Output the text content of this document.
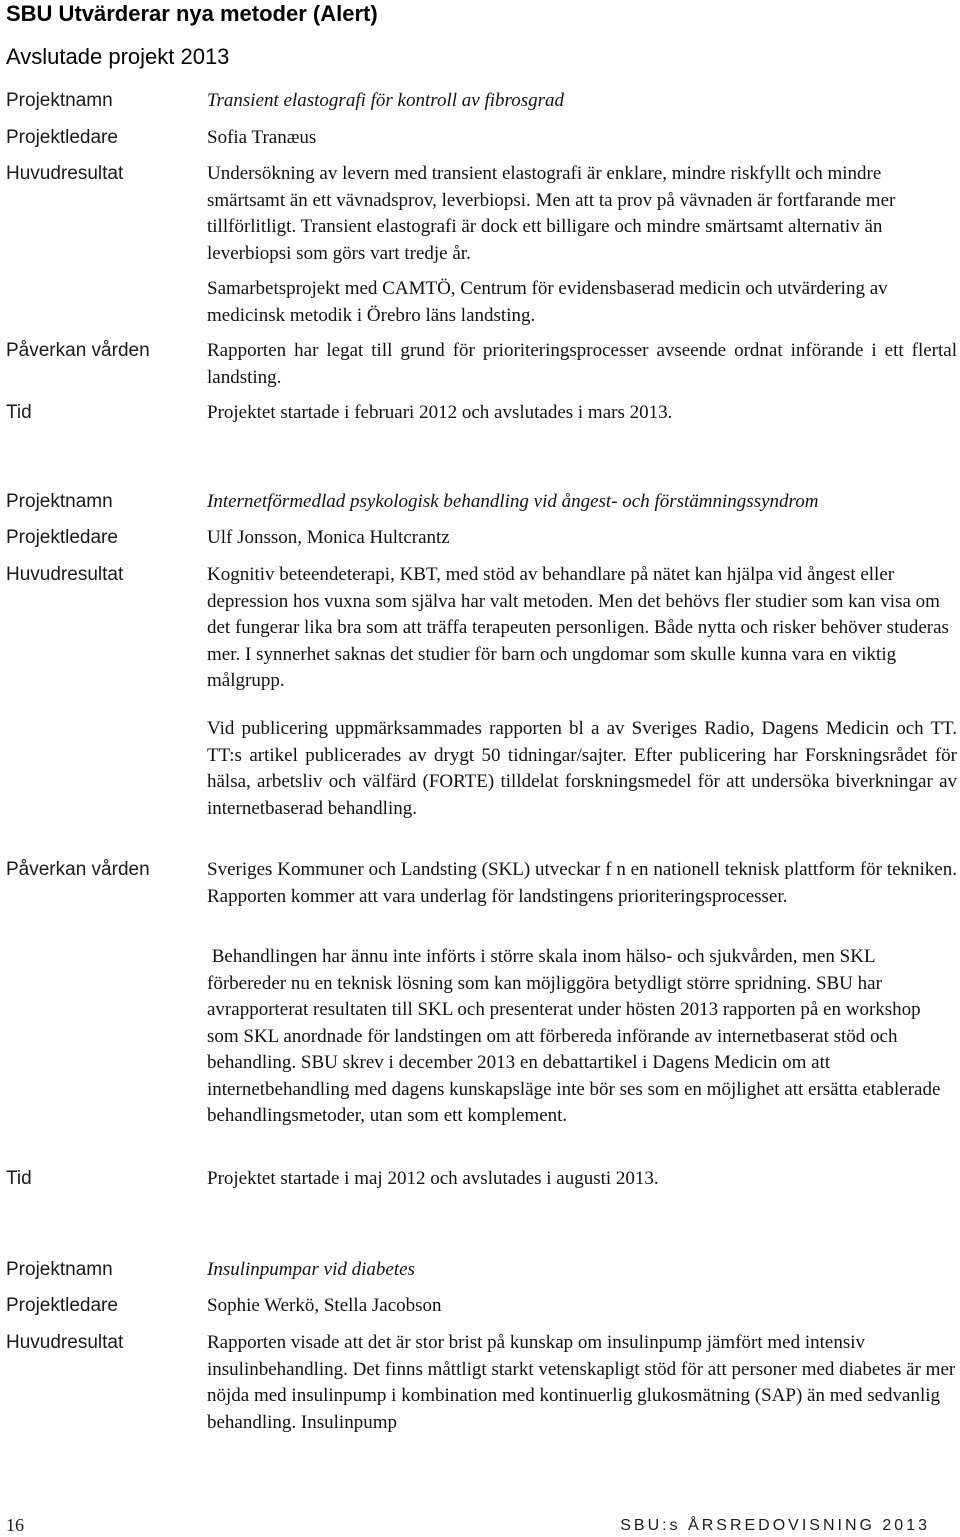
SBU Utvärderar nya metoder (Alert)
Avslutade projekt 2013
Projektnamn	Transient elastografi för kontroll av fibrosgrad
Projektledare	Sofia Tranæus
Huvudresultat	Undersökning av levern med transient elastografi är enklare, mindre riskfyllt och mindre smärtsamt än ett vävnadsprov, leverbiopsi. Men att ta prov på vävnaden är fortfarande mer tillförlitligt. Transient elastografi är dock ett billigare och mindre smärtsamt alternativ än leverbiopsi som görs vart tredje år.
Samarbetsprojekt med CAMTÖ, Centrum för evidensbaserad medicin och utvärdering av medicinsk metodik i Örebro läns landsting.
Påverkan vården	Rapporten har legat till grund för prioriteringsprocesser avseende ordnat införande i ett flertal landsting.
Tid	Projektet startade i februari 2012 och avslutades i mars 2013.
Projektnamn	Internetförmedlad psykologisk behandling vid ångest- och förstämningssyndrom
Projektledare	Ulf Jonsson, Monica Hultcrantz
Huvudresultat	Kognitiv beteendeterapi, KBT, med stöd av behandlare på nätet kan hjälpa vid ångest eller depression hos vuxna som själva har valt metoden. Men det behövs fler studier som kan visa om det fungerar lika bra som att träffa terapeuten personligen. Både nytta och risker behöver studeras mer. I synnerhet saknas det studier för barn och ungdomar som skulle kunna vara en viktig målgrupp.
Vid publicering uppmärksammades rapporten bl a av Sveriges Radio, Dagens Medicin och TT. TT:s artikel publicerades av drygt 50 tidningar/sajter. Efter publicering har Forskningsrådet för hälsa, arbetsliv och välfärd (FORTE) tilldelat forskningsmedel för att undersöka biverkningar av internetbaserad behandling.
Påverkan vården	Sveriges Kommuner och Landsting (SKL) utveckar f n en nationell teknisk plattform för tekniken. Rapporten kommer att vara underlag för landstingens prioriteringsprocesser.
Behandlingen har ännu inte införts i större skala inom hälso- och sjukvården, men SKL förbereder nu en teknisk lösning som kan möjliggöra betydligt större spridning. SBU har avrapporterat resultaten till SKL och presenterat under hösten 2013 rapporten på en workshop som SKL anordnade för landstingen om att förbereda införande av internetbaserat stöd och behandling. SBU skrev i december 2013 en debattartikel i Dagens Medicin om att internetbehandling med dagens kunskapsläge inte bör ses som en möjlighet att ersätta etablerade behandlingsmetoder, utan som ett komplement.
Tid	Projektet startade i maj 2012 och avslutades i augusti 2013.
Projektnamn	Insulinpumpar vid diabetes
Projektledare	Sophie Werkö, Stella Jacobson
Huvudresultat	Rapporten visade att det är stor brist på kunskap om insulinpump jämfört med intensiv insulinbehandling. Det finns måttligt starkt vetenskapligt stöd för att personer med diabetes är mer nöjda med insulinpump i kombination med kontinuerlig glukosmätning (SAP) än med sedvanlig behandling. Insulinpump
16	SBU:s ÅRSREDOVISNING 2013
